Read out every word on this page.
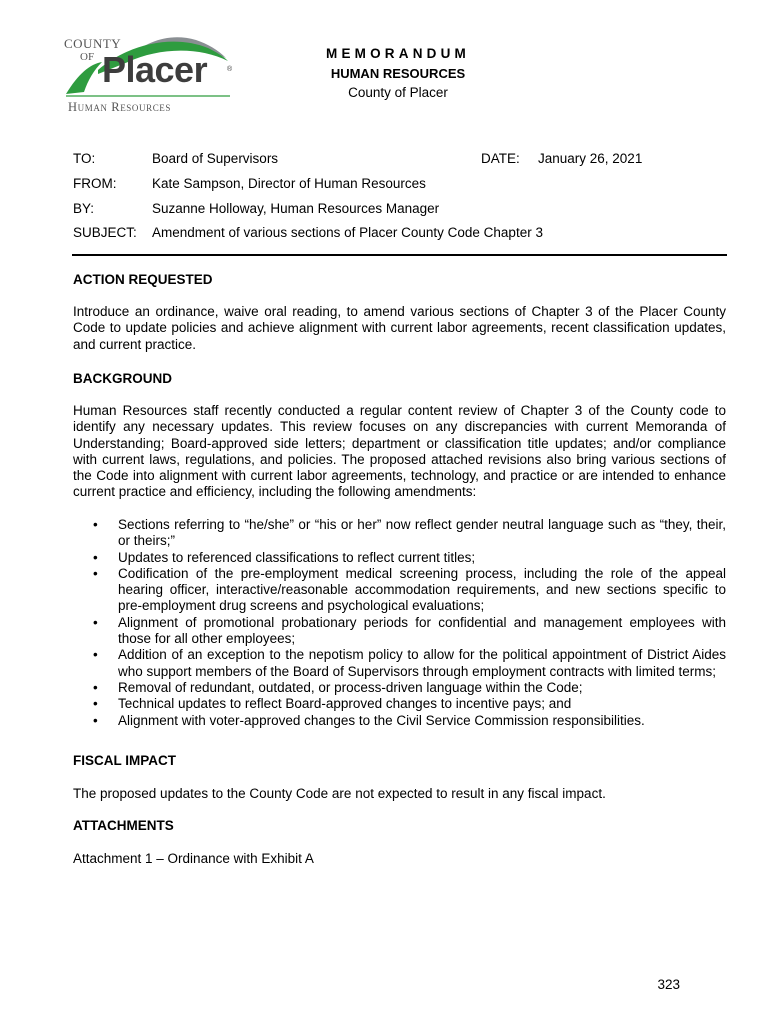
COUNTY
OF Placer	®
Human Resources
MEMORANDUM
HUMAN RESOURCES
County of Placer
TO:	Board of Supervisors	DATE: January 26, 2021
FROM:	Kate Sampson, Director of Human Resources
BY:	Suzanne Holloway, Human Resources Manager
SUBJECT: Amendment of various sections of Placer County Code Chapter 3
ACTION REQUESTED
Introduce an ordinance, waive oral reading, to amend various sections of Chapter 3 of the Placer County Code to update policies and achieve alignment with current labor agreements, recent classification updates, and current practice.
BACKGROUND
Human Resources staff recently conducted a regular content review of Chapter 3 of the County code to identify any necessary updates. This review focuses on any discrepancies with current Memoranda of Understanding; Board-approved side letters; department or classification title updates; and/or compliance with current laws, regulations, and policies. The proposed attached revisions also bring various sections of the Code into alignment with current labor agreements, technology, and practice or are intended to enhance current practice and efficiency, including the following amendments:
• Sections referring to “he/she” or “his or her” now reflect gender neutral language such as “they, their, or theirs;”
• Updates to referenced classifications to reflect current titles;
• Codification of the pre-employment medical screening process, including the role of the appeal hearing officer, interactive/reasonable accommodation requirements, and new sections specific to pre-employment drug screens and psychological evaluations;
• Alignment of promotional probationary periods for confidential and management employees with those for all other employees;
• Addition of an exception to the nepotism policy to allow for the political appointment of District Aides who support members of the Board of Supervisors through employment contracts with limited terms;
• Removal of redundant, outdated, or process-driven language within the Code;
• Technical updates to reflect Board-approved changes to incentive pays; and
• Alignment with voter-approved changes to the Civil Service Commission responsibilities.
FISCAL IMPACT
The proposed updates to the County Code are not expected to result in any fiscal impact.
ATTACHMENTS
Attachment 1 – Ordinance with Exhibit A
323
